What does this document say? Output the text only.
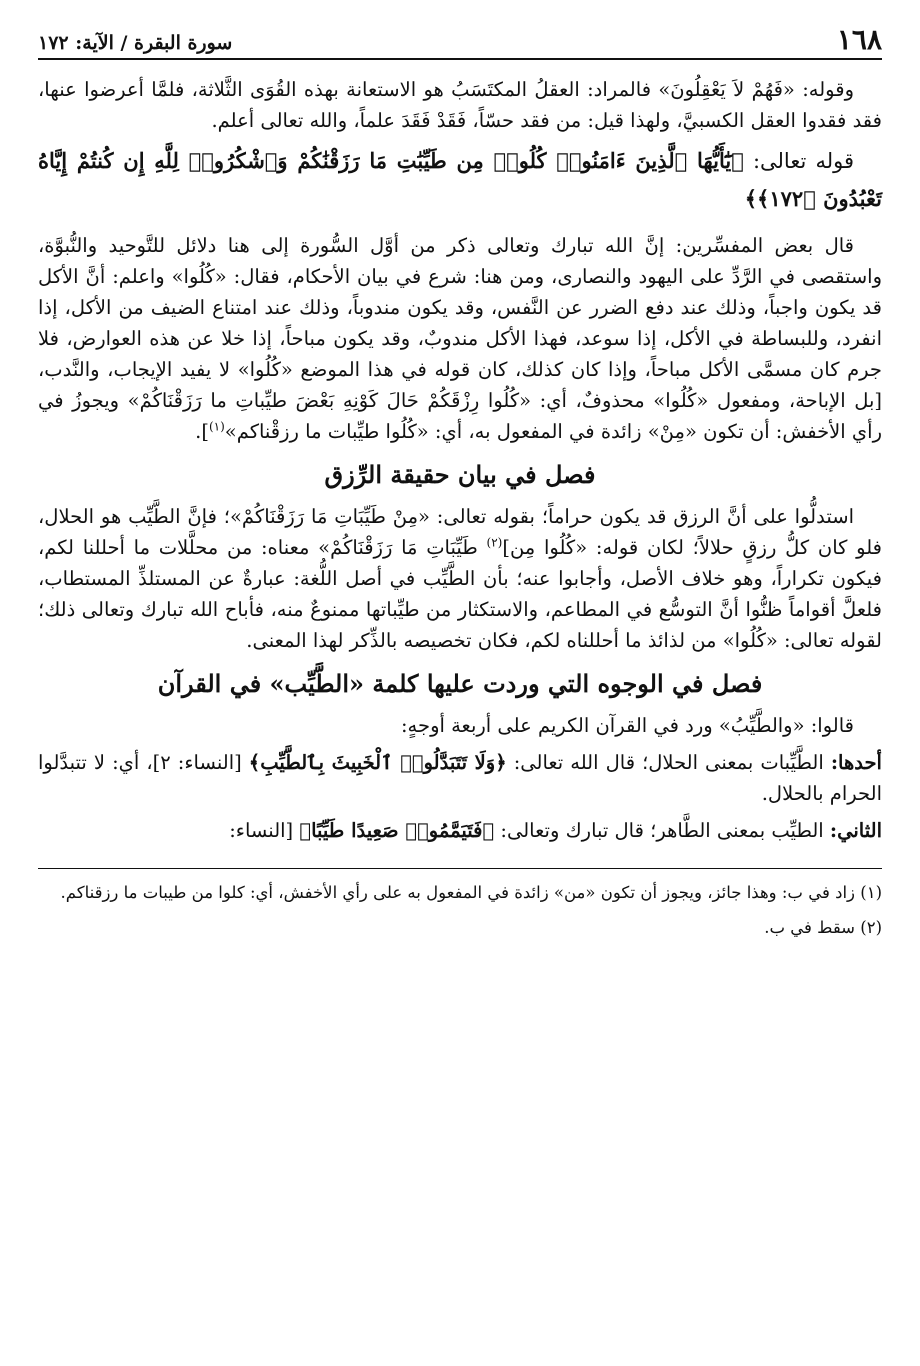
١٦٨
سورة البقرة / الآية: ١٧٢

وقوله: «فَهُمْ لاَ يَعْقِلُونَ» فالمراد: العقلُ المكتَسَبُ هو الاستعانة بهذه القُوَى الثَّلاثة، فلمَّا أعرضوا عنها، فقد فقدوا العقل الكسبيَّ، ولهذا قيل: من فقد حسّاً، فَقَدْ فَقَدَ علماً، والله تعالى أعلم.

قوله تعالى: ﴿يَٰٓأَيُّهَا ٱلَّذِينَ ءَامَنُوا۟ كُلُوا۟ مِن طَيِّبَٰتِ مَا رَزَقْنَٰكُمْ وَٱشْكُرُوا۟ لِلَّهِ إِن كُنتُمْ إِيَّاهُ تَعْبُدُونَ ﴿١٧٢﴾﴾

قال بعض المفسِّرين: إنَّ الله تبارك وتعالى ذكر من أوَّل السُّورة إلى هنا دلائل للتَّوحيد والنُّبوَّة، واستقصى في الرَّدِّ على اليهود والنصارى، ومن هنا: شرع في بيان الأحكام، فقال: «كُلُوا» واعلم: أنَّ الأكل قد يكون واجباً، وذلك عند دفع الضرر عن النَّفس، وقد يكون مندوباً، وذلك عند امتناع الضيف من الأكل، إذا انفرد، وللبساطة في الأكل، إذا سوعد، فهذا الأكل مندوبٌ، وقد يكون مباحاً، إذا خلا عن هذه العوارض، فلا جرم كان مسمَّى الأكل مباحاً، وإذا كان كذلك، كان قوله في هذا الموضع «كُلُوا» لا يفيد الإيجاب، والنَّدب، [بل الإباحة، ومفعول «كُلُوا» محذوفٌ، أي: «كُلُوا رِزْقَكُمْ حَالَ كَوْنِهِ بَعْضَ طيِّباتِ ما رَزَقْنَاكُمْ» ويجوزُ في رأي الأخفش: أن تكون «مِنْ» زائدة في المفعول به، أي: «كُلُوا طيِّبات ما رزقْناكم»$^{(١)}$].

فصل في بيان حقيقة الرِّزق

استدلُّوا على أنَّ الرزق قد يكون حراماً؛ بقوله تعالى: «مِنْ طَيِّبَاتِ مَا رَزَقْنَاكُمْ»؛ فإنَّ الطَّيِّب هو الحلال، فلو كان كلُّ رزقٍ حلالاً؛ لكان قوله: «كُلُوا مِن]$^{(٢)}$ طَيِّبَاتِ مَا رَزَقْنَاكُمْ» معناه: من محلَّلات ما أحللنا لكم، فيكون تكراراً، وهو خلاف الأصل، وأجابوا عنه؛ بأن الطَّيِّب في أصل اللُّغة: عبارةٌ عن المستلذِّ المستطاب، فلعلَّ أقواماً ظنُّوا أنَّ التوسُّع في المطاعم، والاستكثار من طيِّباتها ممنوعٌ منه، فأباح الله تبارك وتعالى ذلك؛ لقوله تعالى: «كُلُوا» من لذائذ ما أحللناه لكم، فكان تخصيصه بالذِّكر لهذا المعنى.

فصل في الوجوه التي وردت عليها كلمة «الطَّيِّب» في القرآن

قالوا: «والطَّيِّبُ» ورد في القرآن الكريم على أربعة أوجهٍ:

أحدها: الطَّيِّبات بمعنى الحلال؛ قال الله تعالى: ﴿وَلَا تَتَبَدَّلُوا۟ ٱلْخَبِيثَ بِٱلطَّيِّبِ﴾ [النساء: ٢]، أي: لا تتبدَّلوا الحرام بالحلال.

الثاني: الطيِّب بمعنى الطَّاهر؛ قال تبارك وتعالى: ﴿فَتَيَمَّمُوا۟ صَعِيدًا طَيِّبًا﴾ [النساء:

(١) زاد في ب: وهذا جائز، ويجوز أن تكون «من» زائدة في المفعول به على رأي الأخفش، أي: كلوا من طيبات ما رزقناكم.

(٢) سقط في ب.
